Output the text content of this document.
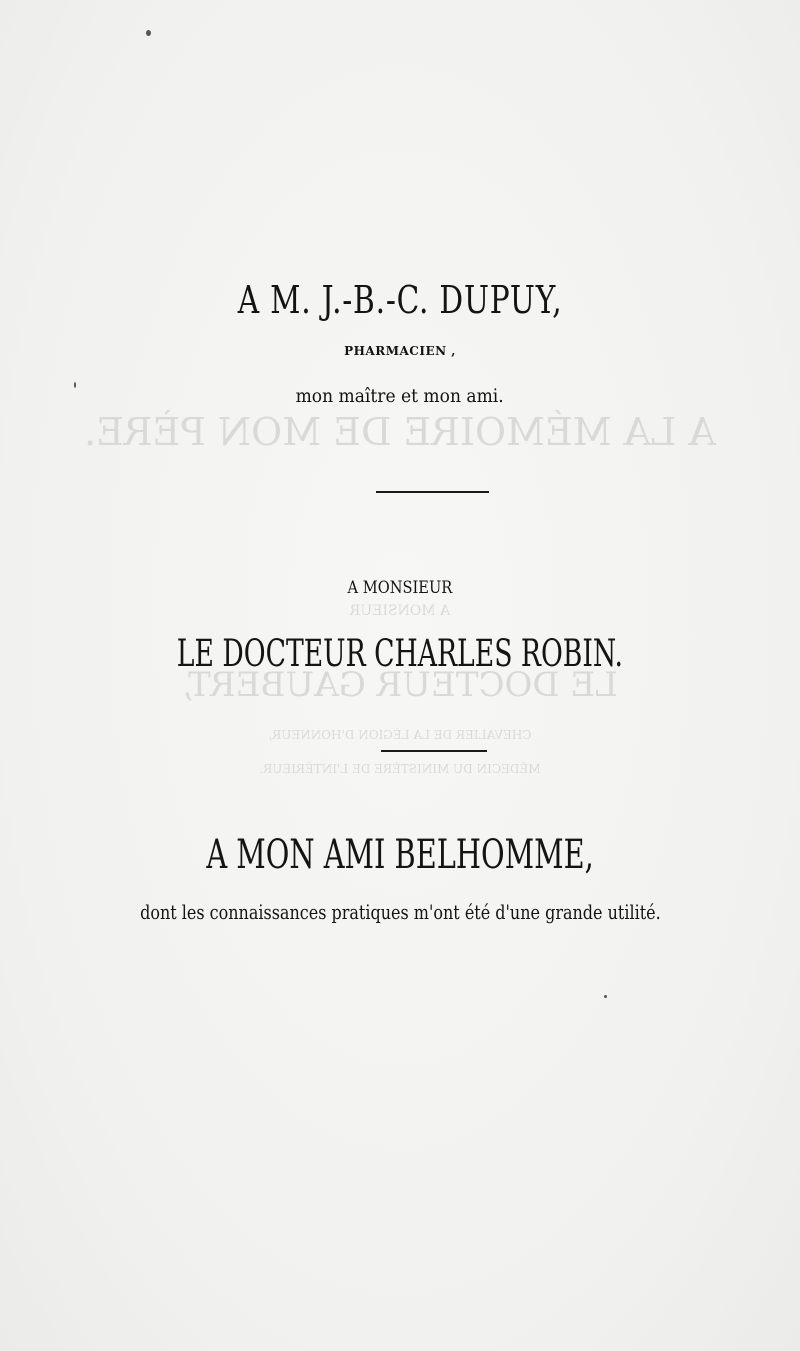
A LA MÉMOIRE DE MON PÈRE.
A MONSIEUR
LE DOCTEUR GAUBERT,
CHEVALIER DE LA LÉGION D'HONNEUR,
MÉDECIN DU MINISTÈRE DE L'INTÉRIEUR.
A M. J.-B.-C. DUPUY,
PHARMACIEN ,
mon maître et mon ami.
A MONSIEUR
LE DOCTEUR CHARLES ROBIN.
A MON AMI BELHOMME,
dont les connaissances pratiques m'ont été d'une grande utilité.
